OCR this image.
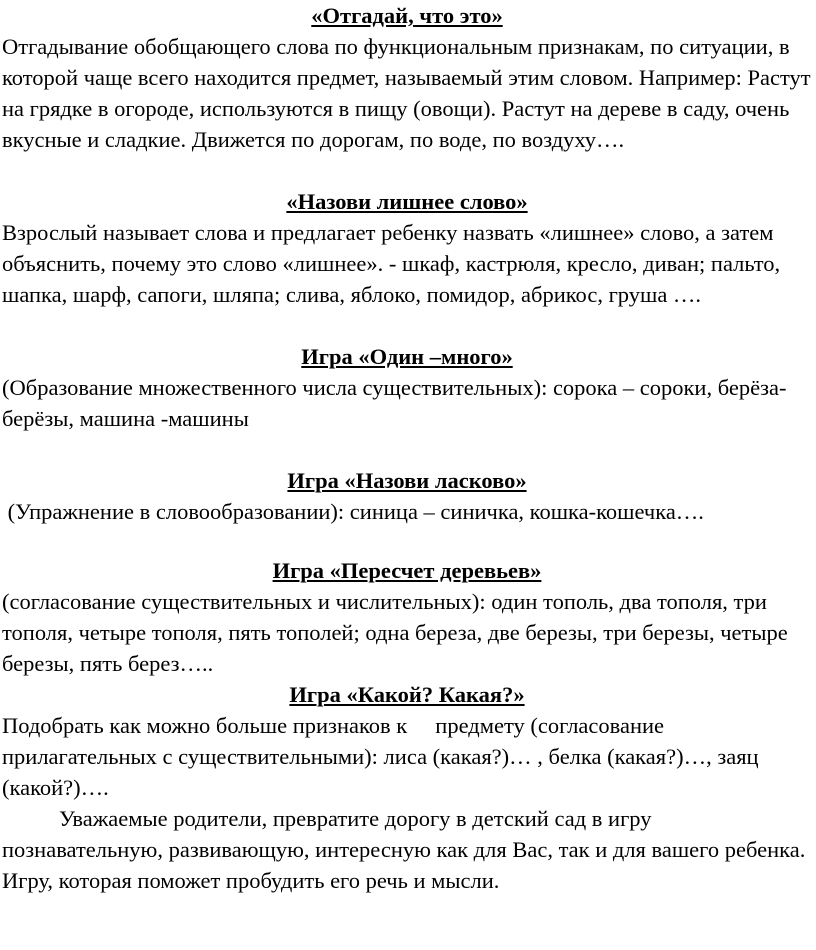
«Отгадай, что это»

Отгадывание обобщающего слова по функциональным признакам, по ситуации, в которой чаще всего находится предмет, называемый этим словом. Например: Растут на грядке в огороде, используются в пищу (овощи). Растут на дереве в саду, очень вкусные и сладкие. Движется по дорогам, по воде, по воздуху….

«Назови лишнее слово»

Взрослый называет слова и предлагает ребенку назвать «лишнее» слово, а затем объяснить, почему это слово «лишнее». - шкаф, кастрюля, кресло, диван; пальто, шапка, шарф, сапоги, шляпа; слива, яблоко, помидор, абрикос, груша ….

Игра «Один –много»

(Образование множественного числа существительных): сорока – сороки, берёза- берёзы, машина -машины

Игра «Назови ласково»

(Упражнение в словообразовании): синица – синичка, кошка-кошечка….

Игра «Пересчет деревьев»

(согласование существительных и числительных): один тополь, два тополя, три тополя, четыре тополя, пять тополей; одна береза, две березы, три березы, четыре березы, пять берез…..

Игра «Какой? Какая?»

Подобрать как можно больше признаков к     предмету (согласование прилагательных с существительными): лиса (какая?)… , белка (какая?)…, заяц (какой?)….

Уважаемые родители, превратите дорогу в детский сад в игру познавательную, развивающую, интересную как для Вас, так и для вашего ребенка. Игру, которая поможет пробудить его речь и мысли.
